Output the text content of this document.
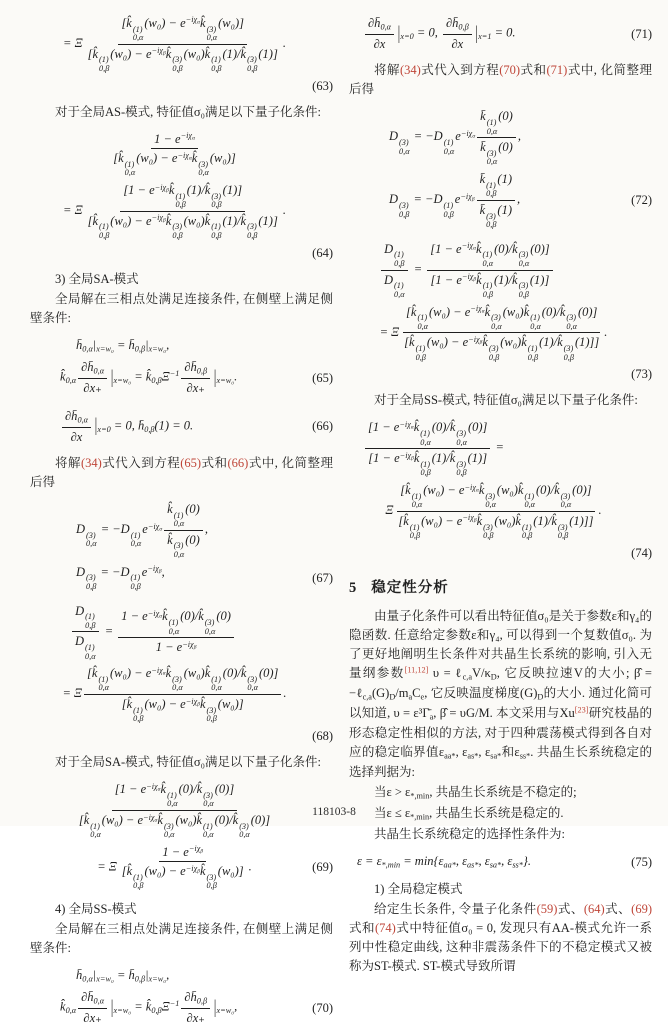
= Ξ
[k̂ (1)
0,α
$(w_0) - e^{-i\chi\alpha}k̂$ (3)
0,α
(w₀)]
[k̂ (1)
0,β
$(w_0) - e^{-i\chi\beta}k̂$ (3)
0,β
(w₀)k̂ (1)
0,β
(1)/k̂ (3)
0,β
(1)]
.
(63)
对于全局AS-模式, 特征值σ₀满足以下量子化条件:
$1 - e^{-i\chi\alpha}$
[k̂ (1)
0,α
$(w_0) - e^{-i\chi\alpha}k̂$ (3)
0,α
(w₀)]
= Ξ
[$1 - e^{-i\chi\beta}k̂$ (1)
0,β
(1)/k̂ (3)
0,β
(1)]
[k̂ (1)
0,β
$(w_0) - e^{-i\chi\beta}k̂$ (3)
0,β
(w₀)k̂ (1)
0,β
(1)/k̂ (3)
0,β
(1)]
.
(64)
3) 全局SA-模式
全局解在三相点处满足连接条件, 在侧壁上满足侧壁条件:
h̄0,α|x=w₀ = h̄0,β|x=w₀,
k̂0,α $\frac{\partial h̄0,\alpha}{\partial x_+} |x=w_0$ = $k̂0,\beta\Xi^{-1} \frac{\partial h̄0,\beta}{\partial x_+} |x=w_0$.	(65)
$\frac{\partial h̄0,\alpha}{\partial x} |x=0 = 0$, h̄0,β(1) = 0.	(66)
将解(34)式代入到方程(65)式和(66)式中, 化简整理后得
D (3)
0,α
= −D (1)
0,α
$e^{-i\chi\alpha}$ k̂ (1)
0,α
(0)
k̂ (3)
0,α
(0) ,
D (3)
0,β
= −D (1)
0,β
$e^{-i\chi\beta}$,	(67)
D (1)
0,β
D (1)
0,α =
$1 - e^{-i\chi\alpha}k̂$ (1)
0,α
(0)/k̂ (3)
0,α
(0)
$1 - e^{-i\chi\beta}$
= Ξ
[k̂ (1)
0,α
$(w_0) - e^{-i\chi\alpha}k̂$ (3)
0,α
(w₀)k̂ (1)
0,α
(0)/k̂ (3)
0,α
(0)]
[k̂ (1)
0,β
$(w_0) - e^{-i\chi\beta}k̂$ (3)
0,β
(w₀)]
.
(68)
对于全局SA-模式, 特征值σ₀满足以下量子化条件:
[$1 - e^{-i\chi\alpha}k̂$ (1)
0,α
(0)/k̂ (3)
0,α
(0)]
[k̂ (1)
0,α
$(w_0) - e^{-i\chi\alpha}k̂$ (3)
0,α
(w₀)k̂ (1)
0,α
(0)/k̂ (3)
0,α
(0)]
= Ξ
$1 - e^{-i\chi\beta}$
[k̂ (1)
0,β
$(w_0) - e^{-i\chi\beta}k̂$ (3)
0,β
(w₀)] .	(69)
4) 全局SS-模式
全局解在三相点处满足连接条件, 在侧壁上满足侧壁条件:
h̄0,α|x=w₀ = h̄0,β|x=w₀,
k̂0,α $\frac{\partial h̄0,\alpha}{\partial x_+} |x=w_0$ = $k̂0,\beta\Xi^{-1} \frac{\partial h̄0,\beta}{\partial x_+} |x=w_0$,	(70)
$\frac{\partial h̄0,\alpha}{\partial x} |x=0 = 0$, $\frac{\partial h̄0,\beta}{\partial x} |x=1 = 0$.	(71)
将解(34)式代入到方程(70)式和(71)式中, 化简整理后得
D (3)
0,α
= −D (1)
0,α
$e^{-i\chi\alpha}$ k̄ (1)
0,α
(0)
k̄ (3)
0,α
(0) ,
D (3)
0,β
= −D (1)
0,β
$e^{-i\chi\beta}$ k̄ (1)
0,β
(1)
k̄ (3)
0,β
(1) ,	(72)
D (1)
0,β
D (1)
0,α =
[$1 - e^{-i\chi\alpha}k̂$ (1)
0,α
(0)/k̂ (3)
0,α
(0)]
[$1 - e^{-i\chi\beta}k̂$ (1)
0,β
(1)/k̂ (3)
0,β
(1)]
= Ξ
[k̂ (1)
0,α
$(w_0) - e^{-i\chi\alpha}k̂$ (3)
0,α
(w₀)k̂ (1)
0,α
(0)/k̂ (3)
0,α
(0)]
[k̂ (1)
0,β
$(w_0) - e^{-i\chi\beta}k̂$ (3)
0,β
(w₀)k̂ (1)
0,β
(1)/k̂ (3)
0,β
(1)]]
.
(73)
对于全局SS-模式, 特征值σ₀满足以下量子化条件:
[$1 - e^{-i\chi\alpha}k̂$ (1)
0,α
(0)/k̂ (3)
0,α
(0)]
[$1 - e^{-i\chi\beta}k̂$ (1)
0,β
(1)/k̂ (3)
0,β
(1)]
=
Ξ
[k̂ (1)
0,α
$(w_0) - e^{-i\chi\alpha}k̂$ (3)
0,α
(w₀)k̂ (1)
0,α
(0)/k̂ (3)
0,α
(0)]
[k̂ (1)
0,β
$(w_0) - e^{-i\chi\beta}k̂$ (3)
0,β
(w₀)k̂ (1)
0,β
(1)/k̂ (3)
0,β
(1)]]
.
(74)
5 稳定性分析
由量子化条件可以看出特征值σ₀是关于参数ε和γ₄的隐函数. 任意给定参数ε和γ₄, 可以得到一个复数值σ₀. 为了更好地阐明生长条件对共晶生长系统的影响, 引入无量纲参数[11,12] υ = ℓc,aV/κD, 它反映拉速V的大小; β̂ = −ℓc,a(G)D/maCe, 它反映温度梯度(G)D的大小. 通过化简可以知道, υ = ε³Γ̄a, β̂ = υG/M. 本文采用与Xu[23]研究枝晶的形态稳定性相似的方法, 对于四种震荡模式得到各自对应的稳定临界值εaa*, εas*, εsa*和εss*. 共晶生长系统稳定的选择判据为:
当ε > ε*,min, 共晶生长系统是不稳定的;
当ε ≤ ε*,min, 共晶生长系统是稳定的.
共晶生长系统稳定的选择性条件为:
ε = ε*,min = min{εaa*, εas*, εsa*, εss*}.	(75)
1) 全局稳定模式
给定生长条件, 令量子化条件(59)式、(64)式、(69)式和(74)式中特征值σ₀ = 0, 发现只有AA-模式允许一系列中性稳定曲线, 这种非震荡条件下的不稳定模式又被称为ST-模式. ST-模式导致所谓
118103-8
